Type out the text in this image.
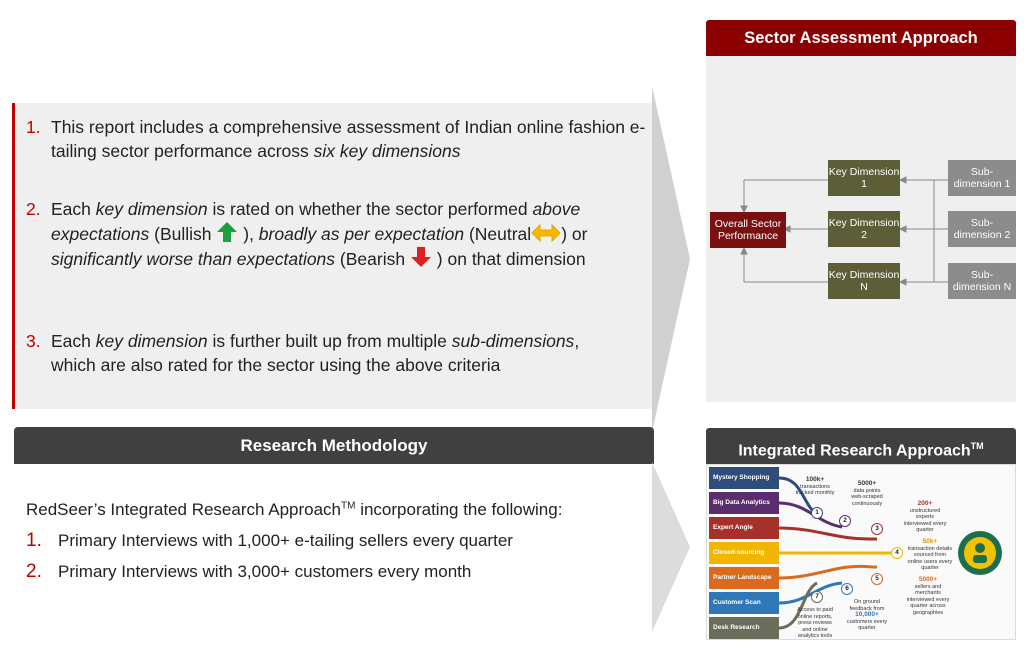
1. This report includes a comprehensive assessment of Indian online fashion e-tailing sector performance across six key dimensions
2. Each key dimension is rated on whether the sector performed above expectations (Bullish  ), broadly as per expectation (Neutral ) or significantly worse than expectations (Bearish  ) on that dimension
3. Each key dimension is further built up from multiple sub-dimensions, which are also rated for the sector using the above criteria
Research Methodology
RedSeer’s Integrated Research Approach™ incorporating the following:
1. Primary Interviews with 1,000+ e-tailing sellers every quarter
2. Primary Interviews with 3,000+ customers every month
Sector Assessment Approach
Overall Sector Performance
Key Dimension 1
Key Dimension 2
Key Dimension N
Sub-dimension 1
Sub-dimension 2
Sub-dimension N
Integrated Research Approach™
Mystery Shopping
Big Data Analytics
Expert Angle
Closed-sourcing
Partner Landscape
Customer Scan
Desk Research
1
2
3
4
5
6
7
100k+
transactions tracked monthly
5000+
data points web-scraped continuously	200+
unstructured experts interviewed every quarter
50k+
transaction details sourced from online users every quarter
5000+
sellers and merchants interviewed every quarter across geographies
On ground feedback from 10,000+
customers every quarter
Access to paid online reports, press reviews and online analytics tools
